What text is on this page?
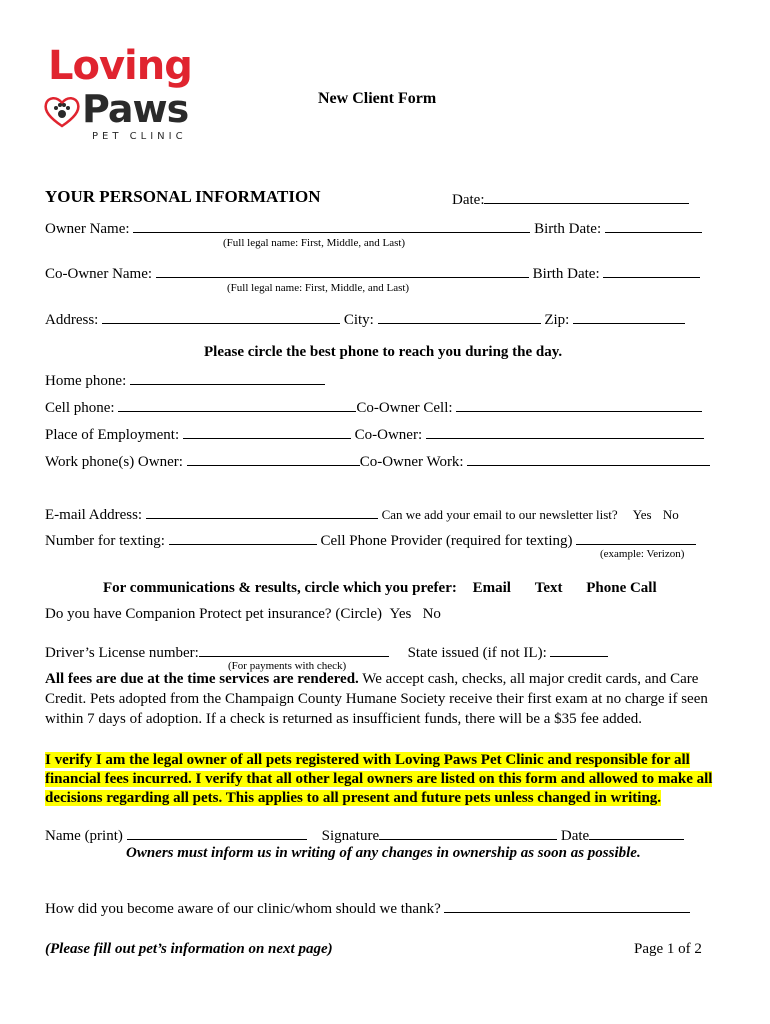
Loving
Paws
PET CLINIC
New Client Form
YOUR PERSONAL INFORMATION	Date:
Owner Name:	Birth Date:
(Full legal name: First, Middle, and Last)
Co-Owner Name:	Birth Date:
(Full legal name: First, Middle, and Last)
Address:	City:	Zip:
Please circle the best phone to reach you during the day.
Home phone:
Cell phone:	Co-Owner Cell:
Place of Employment:	Co-Owner:
Work phone(s) Owner:	Co-Owner Work:
E-mail Address:	Can we add your email to our newsletter list? Yes No
Number for texting:	Cell Phone Provider (required for texting)
(example: Verizon)
For communications & results, circle which you prefer: Email Text Phone Call
Do you have Companion Protect pet insurance? (Circle) Yes No
Driver’s License number:	State issued (if not IL):
(For payments with check)
All fees are due at the time services are rendered. We accept cash, checks, all major credit cards, and Care
Credit. Pets adopted from the Champaign County Humane Society receive their first exam at no charge if seen
within 7 days of adoption. If a check is returned as insufficient funds, there will be a $35 fee added.
I verify I am the legal owner of all pets registered with Loving Paws Pet Clinic and responsible for all
financial fees incurred. I verify that all other legal owners are listed on this form and allowed to make all
decisions regarding all pets. This applies to all present and future pets unless changed in writing.
Name (print)	Signature	Date
Owners must inform us in writing of any changes in ownership as soon as possible.
How did you become aware of our clinic/whom should we thank?
(Please fill out pet’s information on next page)	Page 1 of 2
